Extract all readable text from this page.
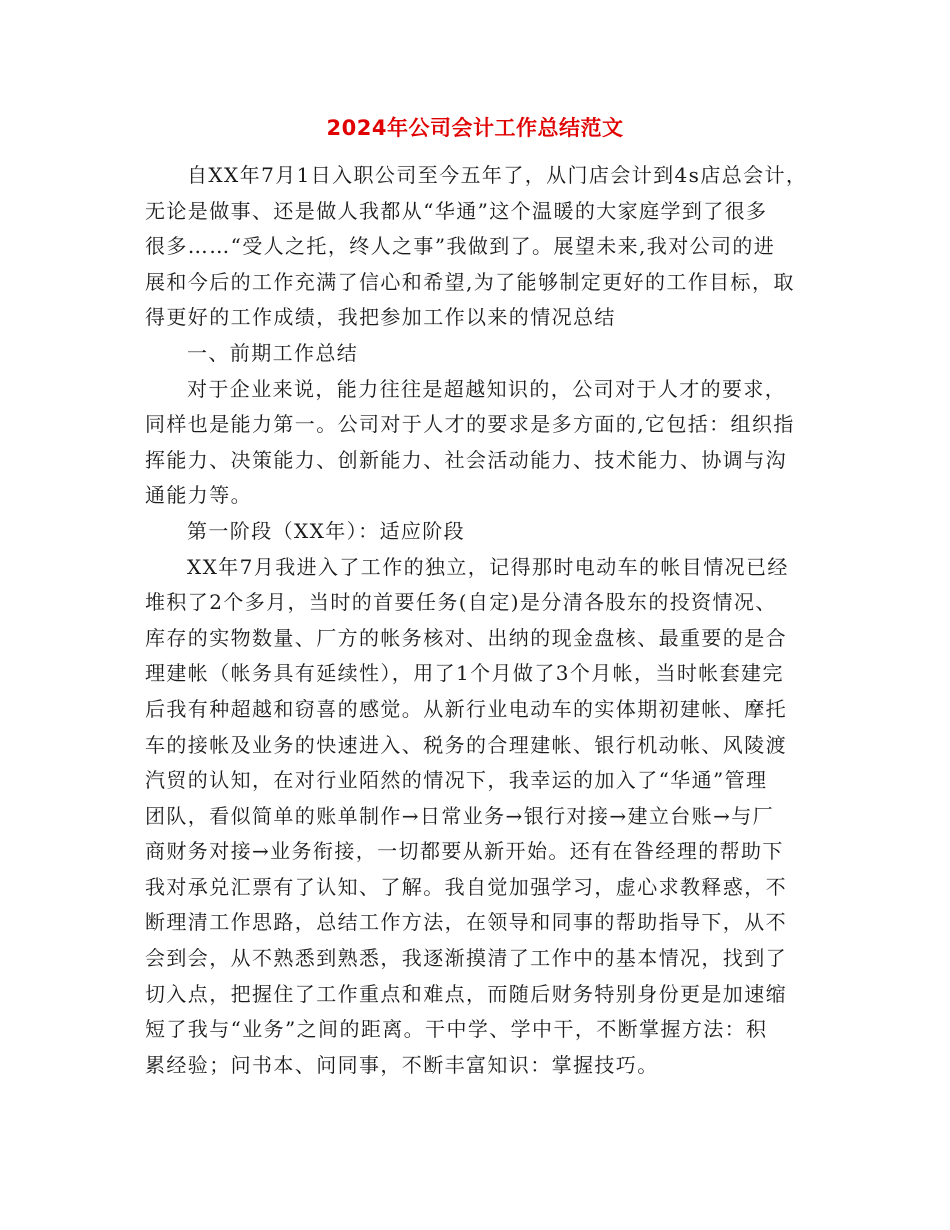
2024年公司会计工作总结范文

自XX年7月1日入职公司至今五年了，从门店会计到4s店总会计，

无论是做事、还是做人我都从“华通”这个温暖的大家庭学到了很多

很多……“受人之托，终人之事”我做到了。展望未来,我对公司的进

展和今后的工作充满了信心和希望,为了能够制定更好的工作目标，取

得更好的工作成绩，我把参加工作以来的情况总结

一、前期工作总结

对于企业来说，能力往往是超越知识的，公司对于人才的要求，

同样也是能力第一。公司对于人才的要求是多方面的,它包括：组织指

挥能力、决策能力、创新能力、社会活动能力、技术能力、协调与沟

通能力等。

第一阶段（XX年）：适应阶段

XX年7月我进入了工作的独立，记得那时电动车的帐目情况已经

堆积了2个多月，当时的首要任务(自定)是分清各股东的投资情况、

库存的实物数量、厂方的帐务核对、出纳的现金盘核、最重要的是合

理建帐（帐务具有延续性），用了1个月做了3个月帐，当时帐套建完

后我有种超越和窃喜的感觉。从新行业电动车的实体期初建帐、摩托

车的接帐及业务的快速进入、税务的合理建帐、银行机动帐、风陵渡

汽贸的认知，在对行业陌然的情况下，我幸运的加入了“华通”管理

团队，看似简单的账单制作→日常业务→银行对接→建立台账→与厂

商财务对接→业务衔接，一切都要从新开始。还有在昝经理的帮助下

我对承兑汇票有了认知、了解。我自觉加强学习，虚心求教释惑，不

断理清工作思路，总结工作方法，在领导和同事的帮助指导下，从不

会到会，从不熟悉到熟悉，我逐渐摸清了工作中的基本情况，找到了

切入点，把握住了工作重点和难点，而随后财务特别身份更是加速缩

短了我与“业务”之间的距离。干中学、学中干，不断掌握方法：积

累经验；问书本、问同事，不断丰富知识：掌握技巧。
